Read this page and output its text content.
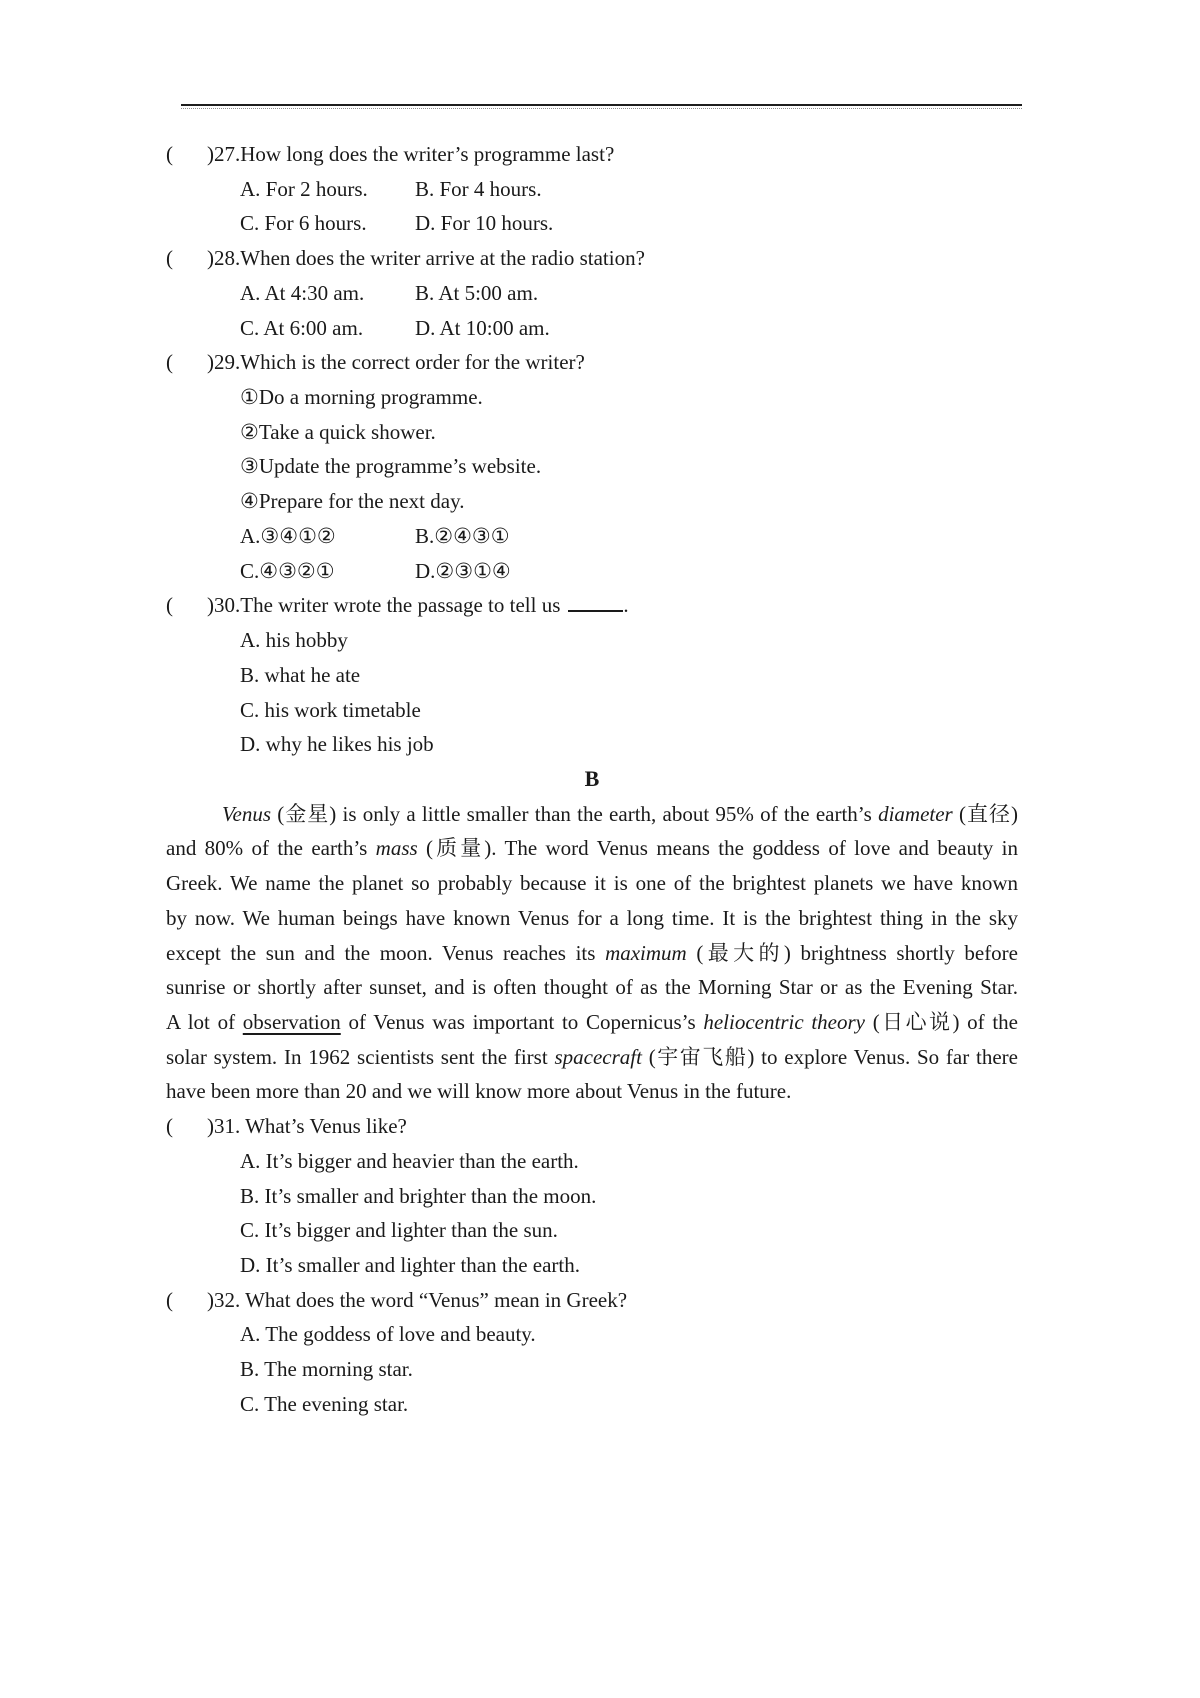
( )27.How long does the writer’s programme last?
A. For 2 hours. B. For 4 hours.
C. For 6 hours. D. For 10 hours.
( )28.When does the writer arrive at the radio station?
A. At 4:30 am. B. At 5:00 am.
C. At 6:00 am. D. At 10:00 am.
( )29.Which is the correct order for the writer?
①Do a morning programme.
②Take a quick shower.
③Update the programme’s website.
④Prepare for the next day.
A.③④①②	B.②④③①
C.④③②①	D.②③①④
( )30.The writer wrote the passage to tell us	.
A. his hobby
B. what he ate
C. his work timetable
D. why he likes his job
B
Venus (金星) is only a little smaller than the earth, about 95% of the earth’s diameter (直径)
and 80% of the earth’s mass (质量). The word Venus means the goddess of love and beauty in
Greek. We name the planet so probably because it is one of the brightest planets we have known
by now. We human beings have known Venus for a long time. It is the brightest thing in the sky
except the sun and the moon. Venus reaches its maximum (最大的) brightness shortly before
sunrise or shortly after sunset, and is often thought of as the Morning Star or as the Evening Star.
A lot of observation of Venus was important to Copernicus’s heliocentric theory (日心说) of the
solar system. In 1962 scientists sent the first spacecraft (宇宙飞船) to explore Venus. So far there
have been more than 20 and we will know more about Venus in the future.
( )31. What’s Venus like?
A. It’s bigger and heavier than the earth.
B. It’s smaller and brighter than the moon.
C. It’s bigger and lighter than the sun.
D. It’s smaller and lighter than the earth.
( )32. What does the word “Venus” mean in Greek?
A. The goddess of love and beauty.
B. The morning star.
C. The evening star.
